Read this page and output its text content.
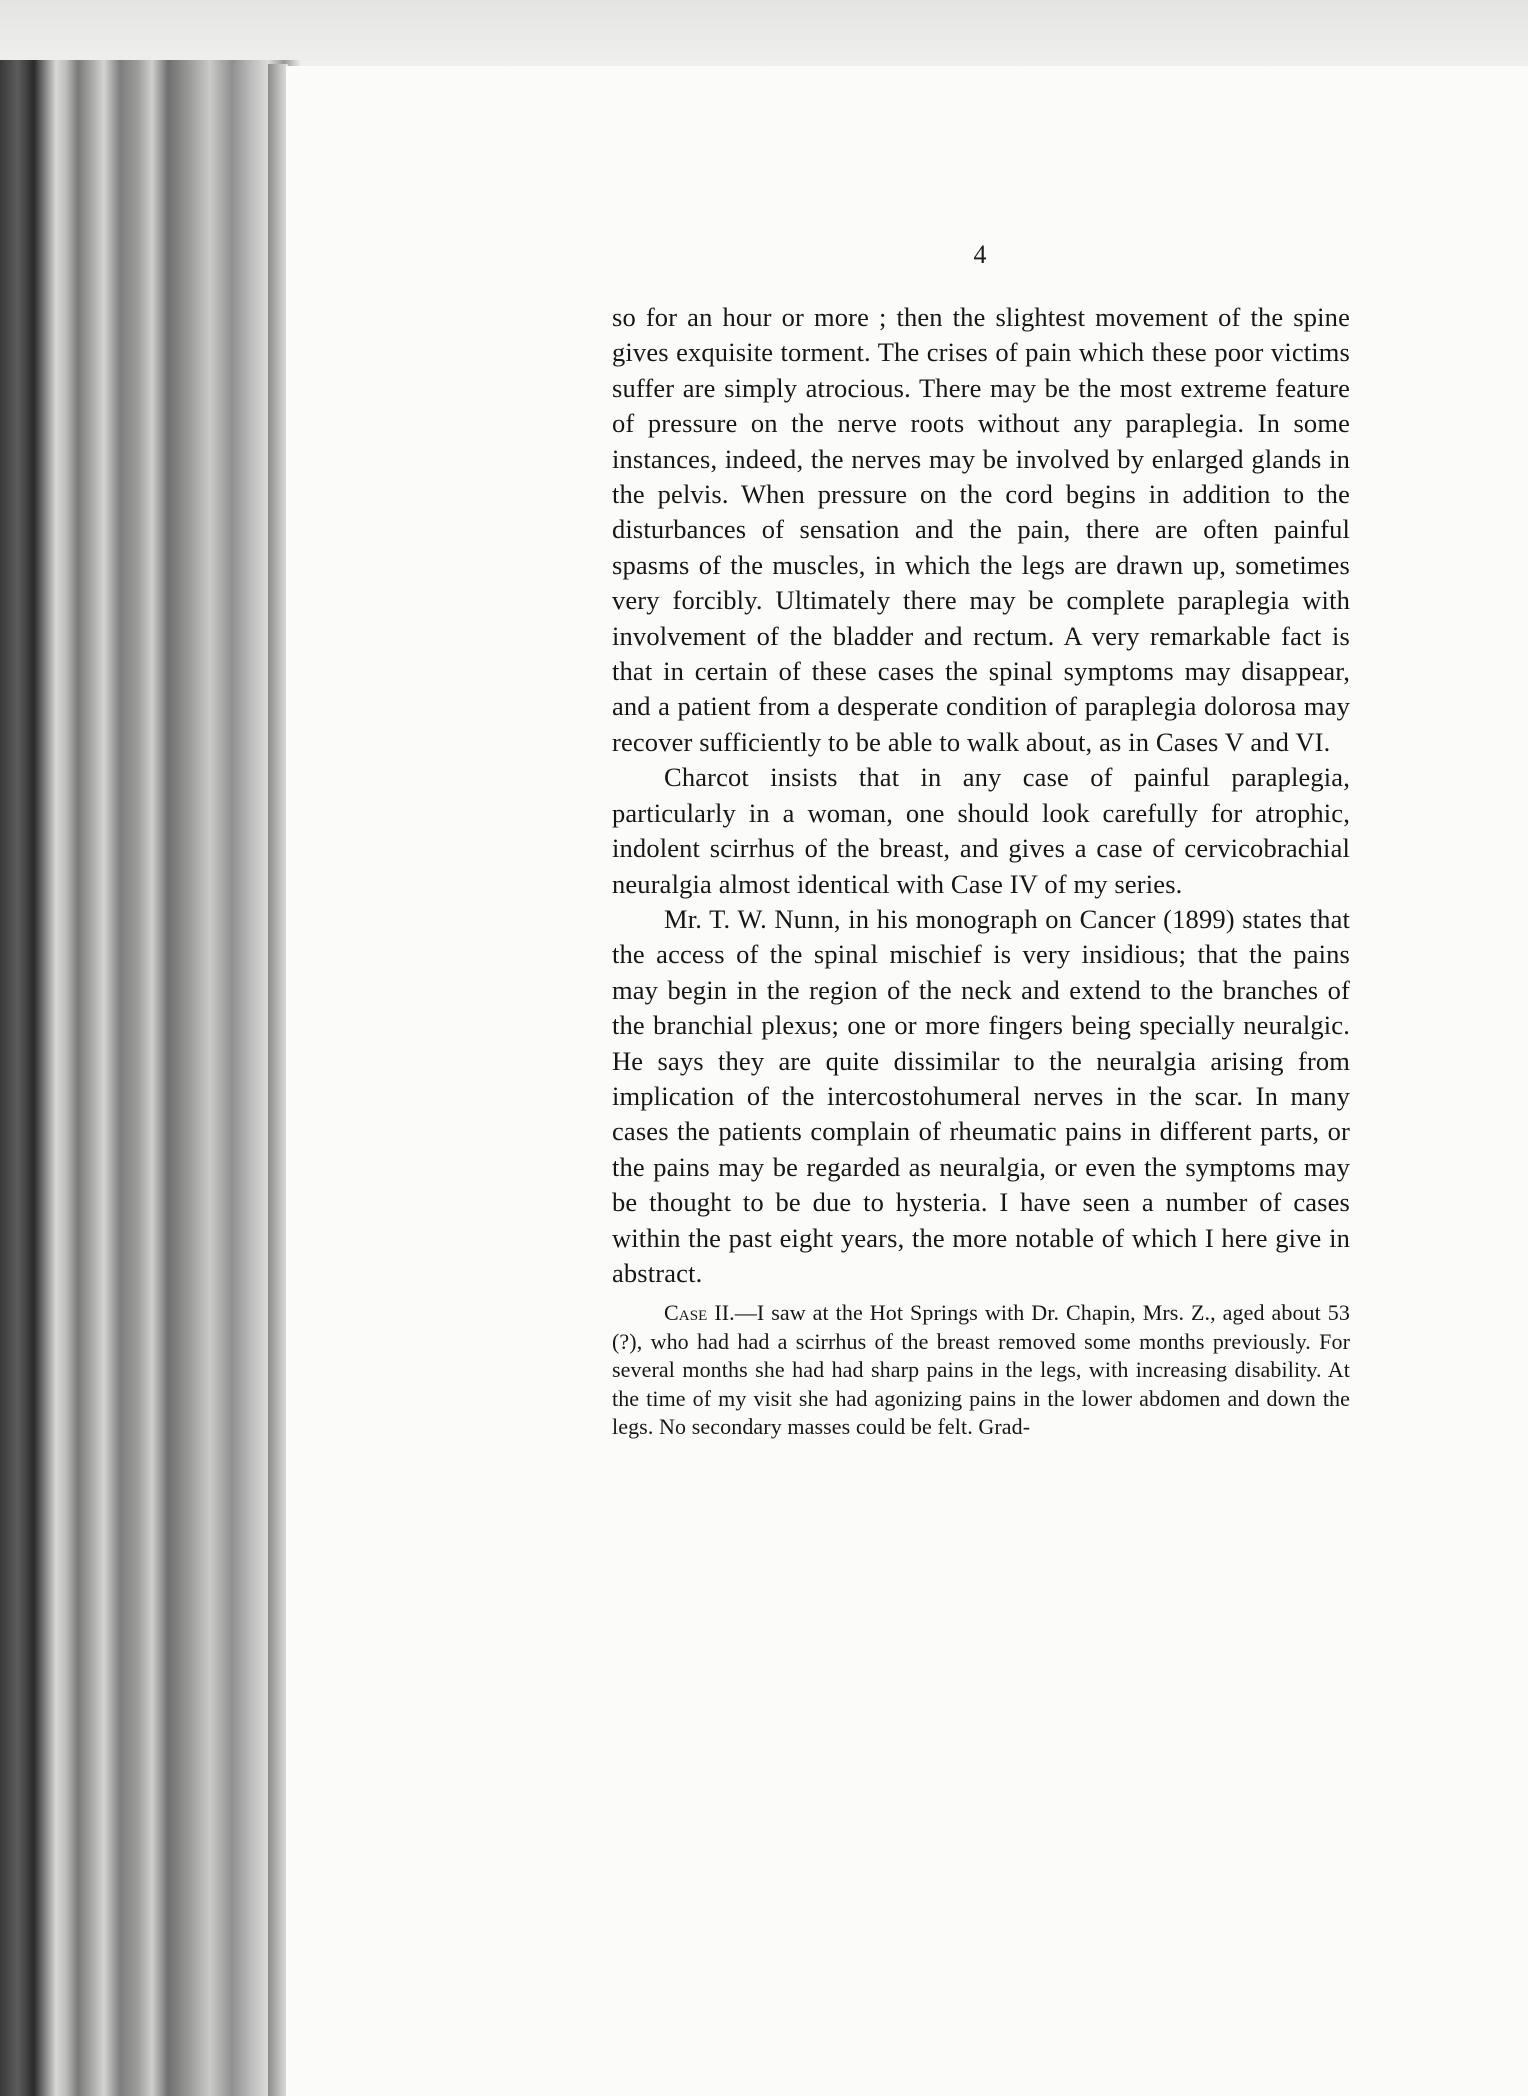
4

so for an hour or more ; then the slightest movement of the spine gives exquisite torment. The crises of pain which these poor victims suffer are simply atrocious. There may be the most extreme feature of pressure on the nerve roots without any paraplegia. In some instances, indeed, the nerves may be involved by enlarged glands in the pelvis. When pressure on the cord begins in addition to the disturbances of sensation and the pain, there are often painful spasms of the muscles, in which the legs are drawn up, sometimes very forcibly. Ultimately there may be complete paraplegia with involvement of the bladder and rectum. A very remarkable fact is that in certain of these cases the spinal symptoms may disappear, and a patient from a desperate condition of paraplegia dolorosa may recover sufficiently to be able to walk about, as in Cases V and VI.

Charcot insists that in any case of painful paraplegia, particularly in a woman, one should look carefully for atrophic, indolent scirrhus of the breast, and gives a case of cervicobrachial neuralgia almost identical with Case IV of my series.

Mr. T. W. Nunn, in his monograph on Cancer (1899) states that the access of the spinal mischief is very insidious; that the pains may begin in the region of the neck and extend to the branches of the branchial plexus; one or more fingers being specially neuralgic. He says they are quite dissimilar to the neuralgia arising from implication of the intercostohumeral nerves in the scar. In many cases the patients complain of rheumatic pains in different parts, or the pains may be regarded as neuralgia, or even the symptoms may be thought to be due to hysteria. I have seen a number of cases within the past eight years, the more notable of which I here give in abstract.

Case II.—I saw at the Hot Springs with Dr. Chapin, Mrs. Z., aged about 53 (?), who had had a scirrhus of the breast removed some months previously. For several months she had had sharp pains in the legs, with increasing disability. At the time of my visit she had agonizing pains in the lower abdomen and down the legs. No secondary masses could be felt. Grad-
